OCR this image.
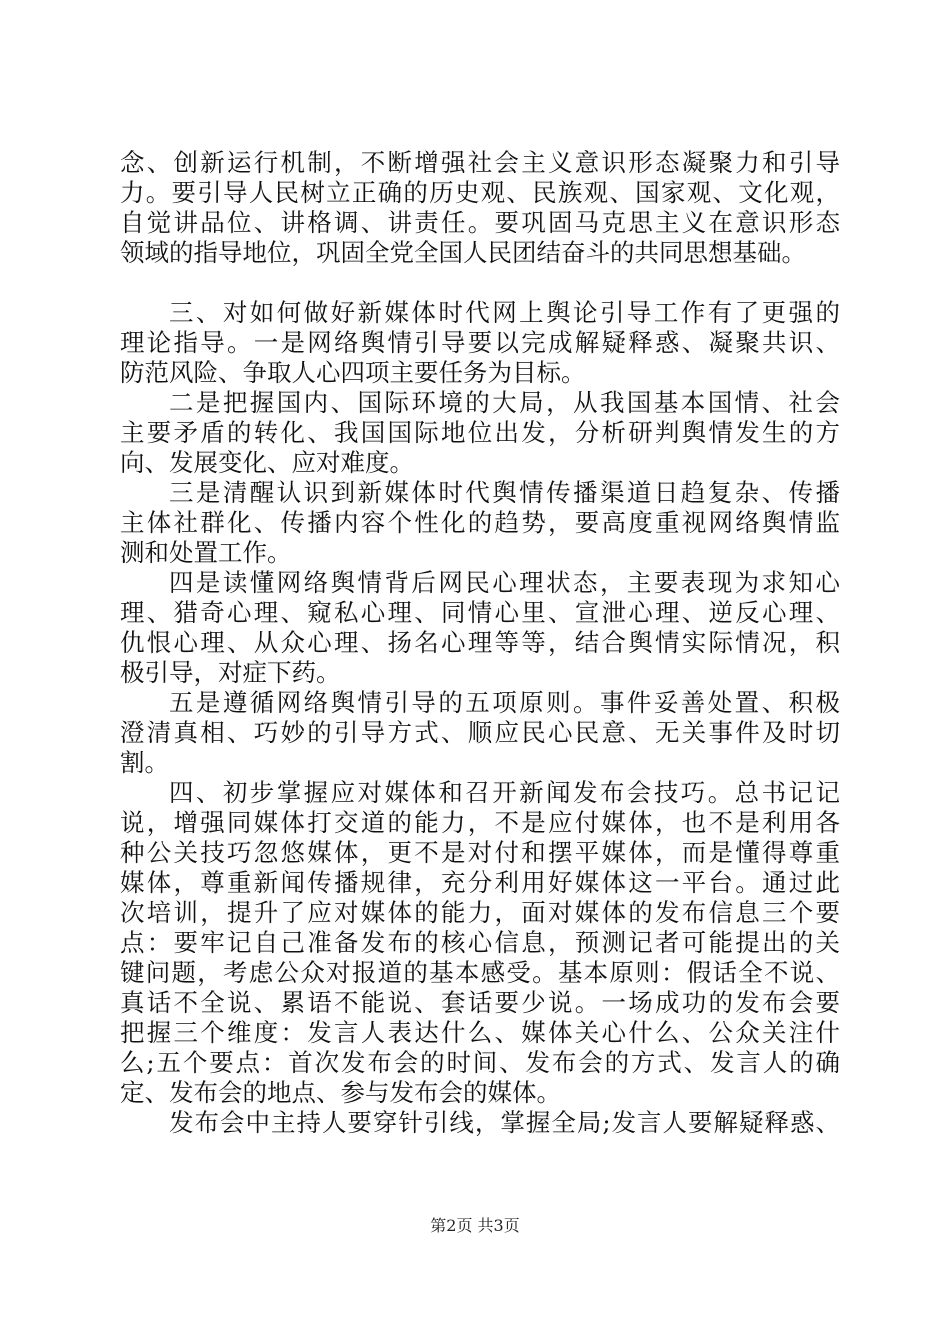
念、创新运行机制，不断增强社会主义意识形态凝聚力和引导
力。要引导人民树立正确的历史观、民族观、国家观、文化观，
自觉讲品位、讲格调、讲责任。要巩固马克思主义在意识形态
领域的指导地位，巩固全党全国人民团结奋斗的共同思想基础。
三、对如何做好新媒体时代网上舆论引导工作有了更强的
理论指导。一是网络舆情引导要以完成解疑释惑、凝聚共识、
防范风险、争取人心四项主要任务为目标。
二是把握国内、国际环境的大局，从我国基本国情、社会
主要矛盾的转化、我国国际地位出发，分析研判舆情发生的方
向、发展变化、应对难度。
三是清醒认识到新媒体时代舆情传播渠道日趋复杂、传播
主体社群化、传播内容个性化的趋势，要高度重视网络舆情监
测和处置工作。
四是读懂网络舆情背后网民心理状态，主要表现为求知心
理、猎奇心理、窥私心理、同情心里、宣泄心理、逆反心理、
仇恨心理、从众心理、扬名心理等等，结合舆情实际情况，积
极引导，对症下药。
五是遵循网络舆情引导的五项原则。事件妥善处置、积极
澄清真相、巧妙的引导方式、顺应民心民意、无关事件及时切
割。
四、初步掌握应对媒体和召开新闻发布会技巧。总书记记
说，增强同媒体打交道的能力，不是应付媒体，也不是利用各
种公关技巧忽悠媒体，更不是对付和摆平媒体，而是懂得尊重
媒体，尊重新闻传播规律，充分利用好媒体这一平台。通过此
次培训，提升了应对媒体的能力，面对媒体的发布信息三个要
点：要牢记自己准备发布的核心信息，预测记者可能提出的关
键问题，考虑公众对报道的基本感受。基本原则：假话全不说、
真话不全说、累语不能说、套话要少说。一场成功的发布会要
把握三个维度：发言人表达什么、媒体关心什么、公众关注什
么;五个要点：首次发布会的时间、发布会的方式、发言人的确
定、发布会的地点、参与发布会的媒体。
发布会中主持人要穿针引线，掌握全局;发言人要解疑释惑、
第2页 共3页
